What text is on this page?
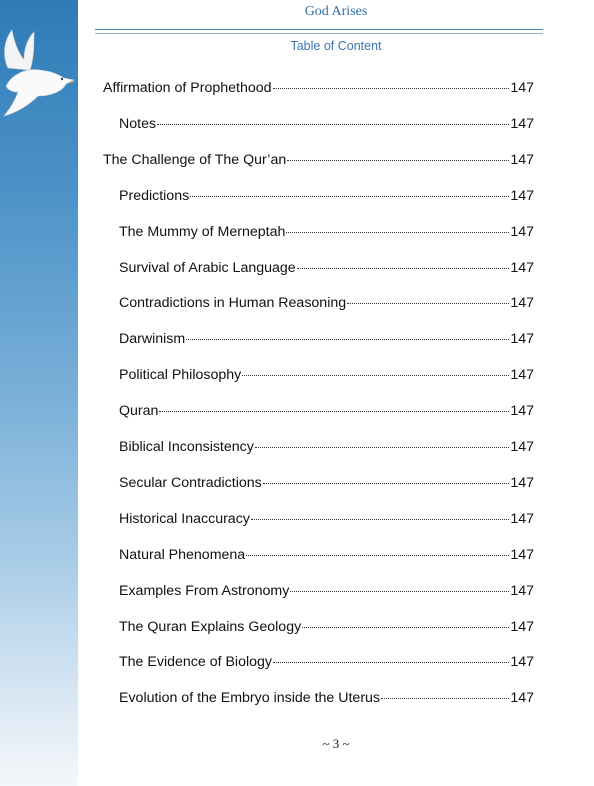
God Arises
Table of Content
Affirmation of Prophethood	147
Notes	147
The Challenge of The Qur’an	147
Predictions	147
The Mummy of Merneptah	147
Survival of Arabic Language	147
Contradictions in Human Reasoning	147
Darwinism	147
Political Philosophy	147
Quran	147
Biblical Inconsistency	147
Secular Contradictions	147
Historical Inaccuracy	147
Natural Phenomena	147
Examples From Astronomy	147
The Quran Explains Geology	147
The Evidence of Biology	147
Evolution of the Embryo inside the Uterus	147
~ 3 ~
